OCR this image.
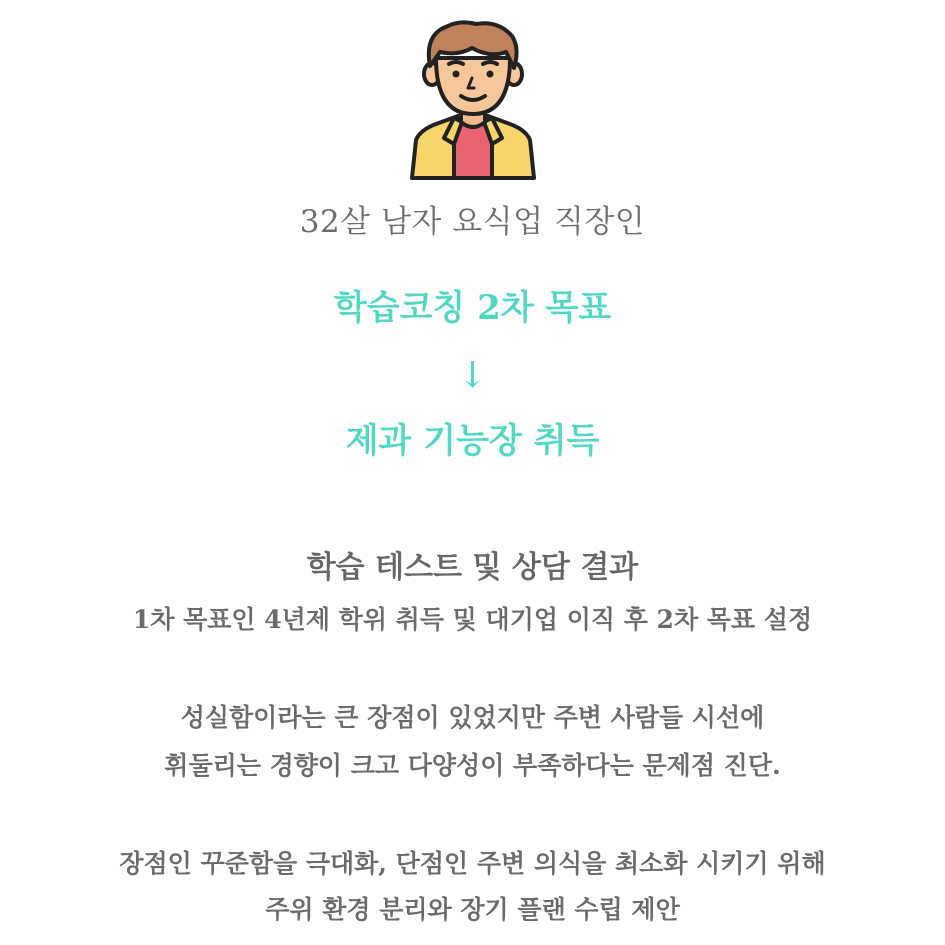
32살 남자 요식업 직장인
학습코칭 2차 목표
↓
제과 기능장 취득
학습 테스트 및 상담 결과
1차 목표인 4년제 학위 취득 및 대기업 이직 후 2차 목표 설정
성실함이라는 큰 장점이 있었지만 주변 사람들 시선에
휘둘리는 경향이 크고 다양성이 부족하다는 문제점 진단.
장점인 꾸준함을 극대화, 단점인 주변 의식을 최소화 시키기 위해
주위 환경 분리와 장기 플랜 수립 제안
